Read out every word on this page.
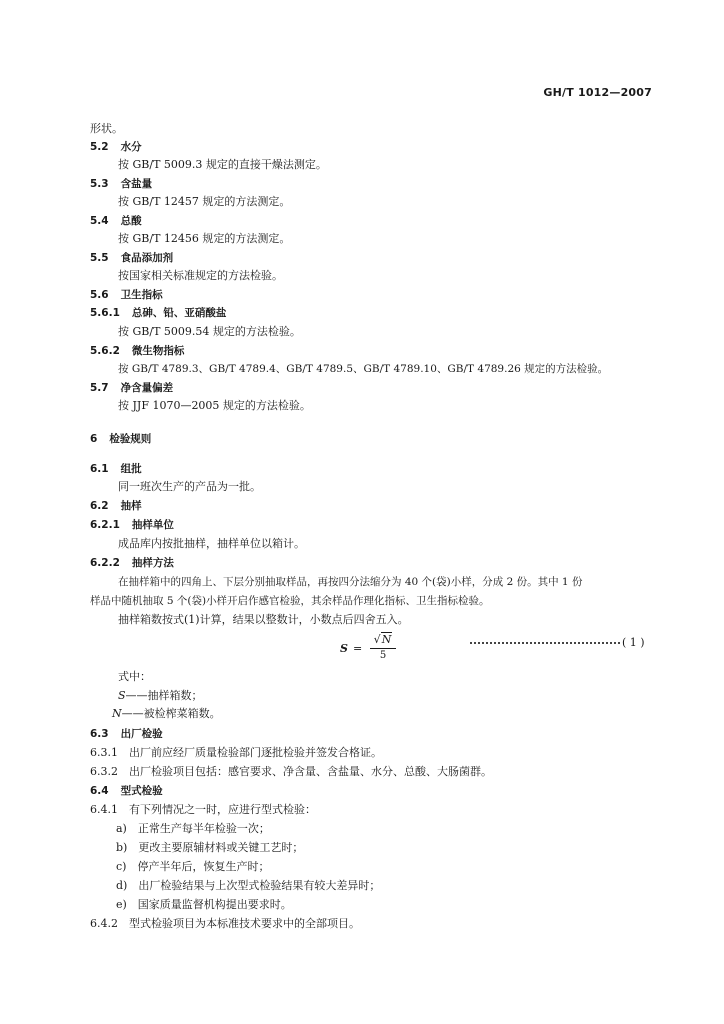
GH/T 1012—2007
形状。
5.2 水分
按 GB/T 5009.3 规定的直接干燥法测定。
5.3 含盐量
按 GB/T 12457 规定的方法测定。
5.4 总酸
按 GB/T 12456 规定的方法测定。
5.5 食品添加剂
按国家相关标准规定的方法检验。
5.6 卫生指标
5.6.1 总砷、铅、亚硝酸盐
按 GB/T 5009.54 规定的方法检验。
5.6.2 微生物指标
按 GB/T 4789.3、GB/T 4789.4、GB/T 4789.5、GB/T 4789.10、GB/T 4789.26 规定的方法检验。
5.7 净含量偏差
按 JJF 1070—2005 规定的方法检验。
6 检验规则
6.1 组批
同一班次生产的产品为一批。
6.2 抽样
6.2.1 抽样单位
成品库内按批抽样，抽样单位以箱计。
6.2.2 抽样方法
在抽样箱中的四角上、下层分别抽取样品，再按四分法缩分为 40 个(袋)小样，分成 2 份。其中 1 份
样品中随机抽取 5 个(袋)小样开启作感官检验，其余样品作理化指标、卫生指标检验。
抽样箱数按式(1)计算，结果以整数计，小数点后四舍五入。
S =
√N
5
( 1 )
式中：
S——抽样箱数；
N——被检榨菜箱数。
6.3 出厂检验
6.3.1　出厂前应经厂质量检验部门逐批检验并签发合格证。
6.3.2　出厂检验项目包括：感官要求、净含量、含盐量、水分、总酸、大肠菌群。
6.4 型式检验
6.4.1　有下列情况之一时，应进行型式检验：
a)　正常生产每半年检验一次；
b)　更改主要原辅材料或关键工艺时；
c)　停产半年后，恢复生产时；
d)　出厂检验结果与上次型式检验结果有较大差异时；
e)　国家质量监督机构提出要求时。
6.4.2　型式检验项目为本标准技术要求中的全部项目。
